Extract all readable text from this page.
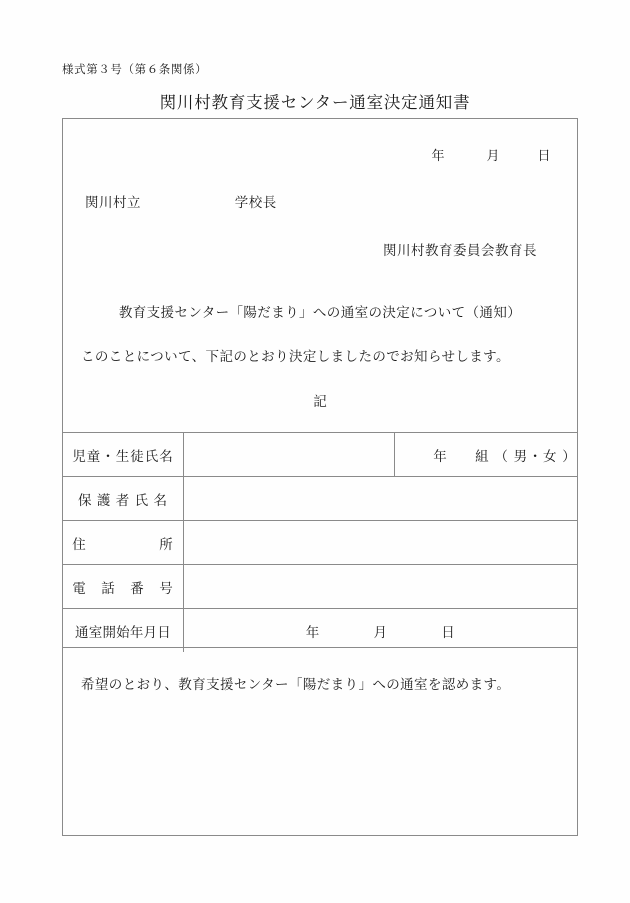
様式第３号（第６条関係）
関川村教育支援センター通室決定通知書
年	月	日
関川村立	学校長
関川村教育委員会教育長
教育支援センター「陽だまり」への通室の決定について（通知）
このことについて、下記のとおり決定しましたのでお知らせします。
記
児童・生徒氏名		年 組 （ 男・女 ）
保 護 者 氏 名		
住　　　　　所		
電　話　番　号		
通室開始年月日	年 月 日	
希望のとおり、教育支援センター「陽だまり」への通室を認めます。
